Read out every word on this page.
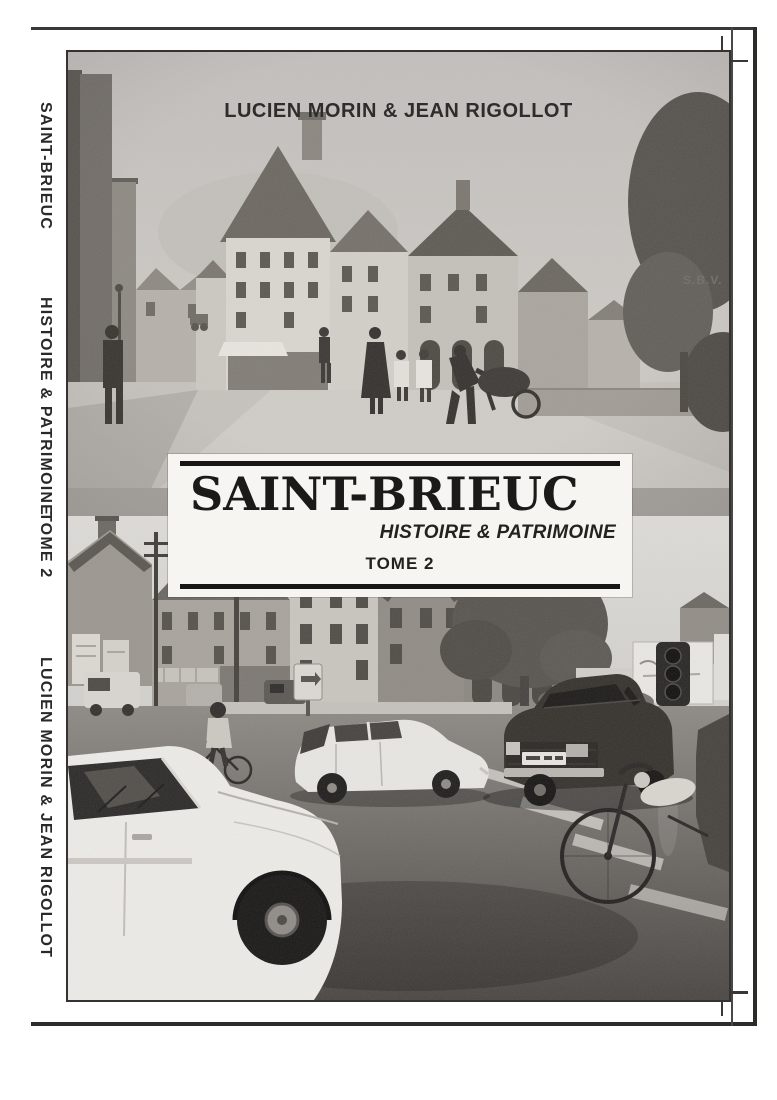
SAINT-BRIEUC
HISTOIRE & PATRIMOINE
TOME 2
LUCIEN MORIN & JEAN RIGOLLOT
S.B.V.
LUCIEN MORIN & JEAN RIGOLLOT
SAINT-BRIEUC
HISTOIRE & PATRIMOINE
TOME 2
